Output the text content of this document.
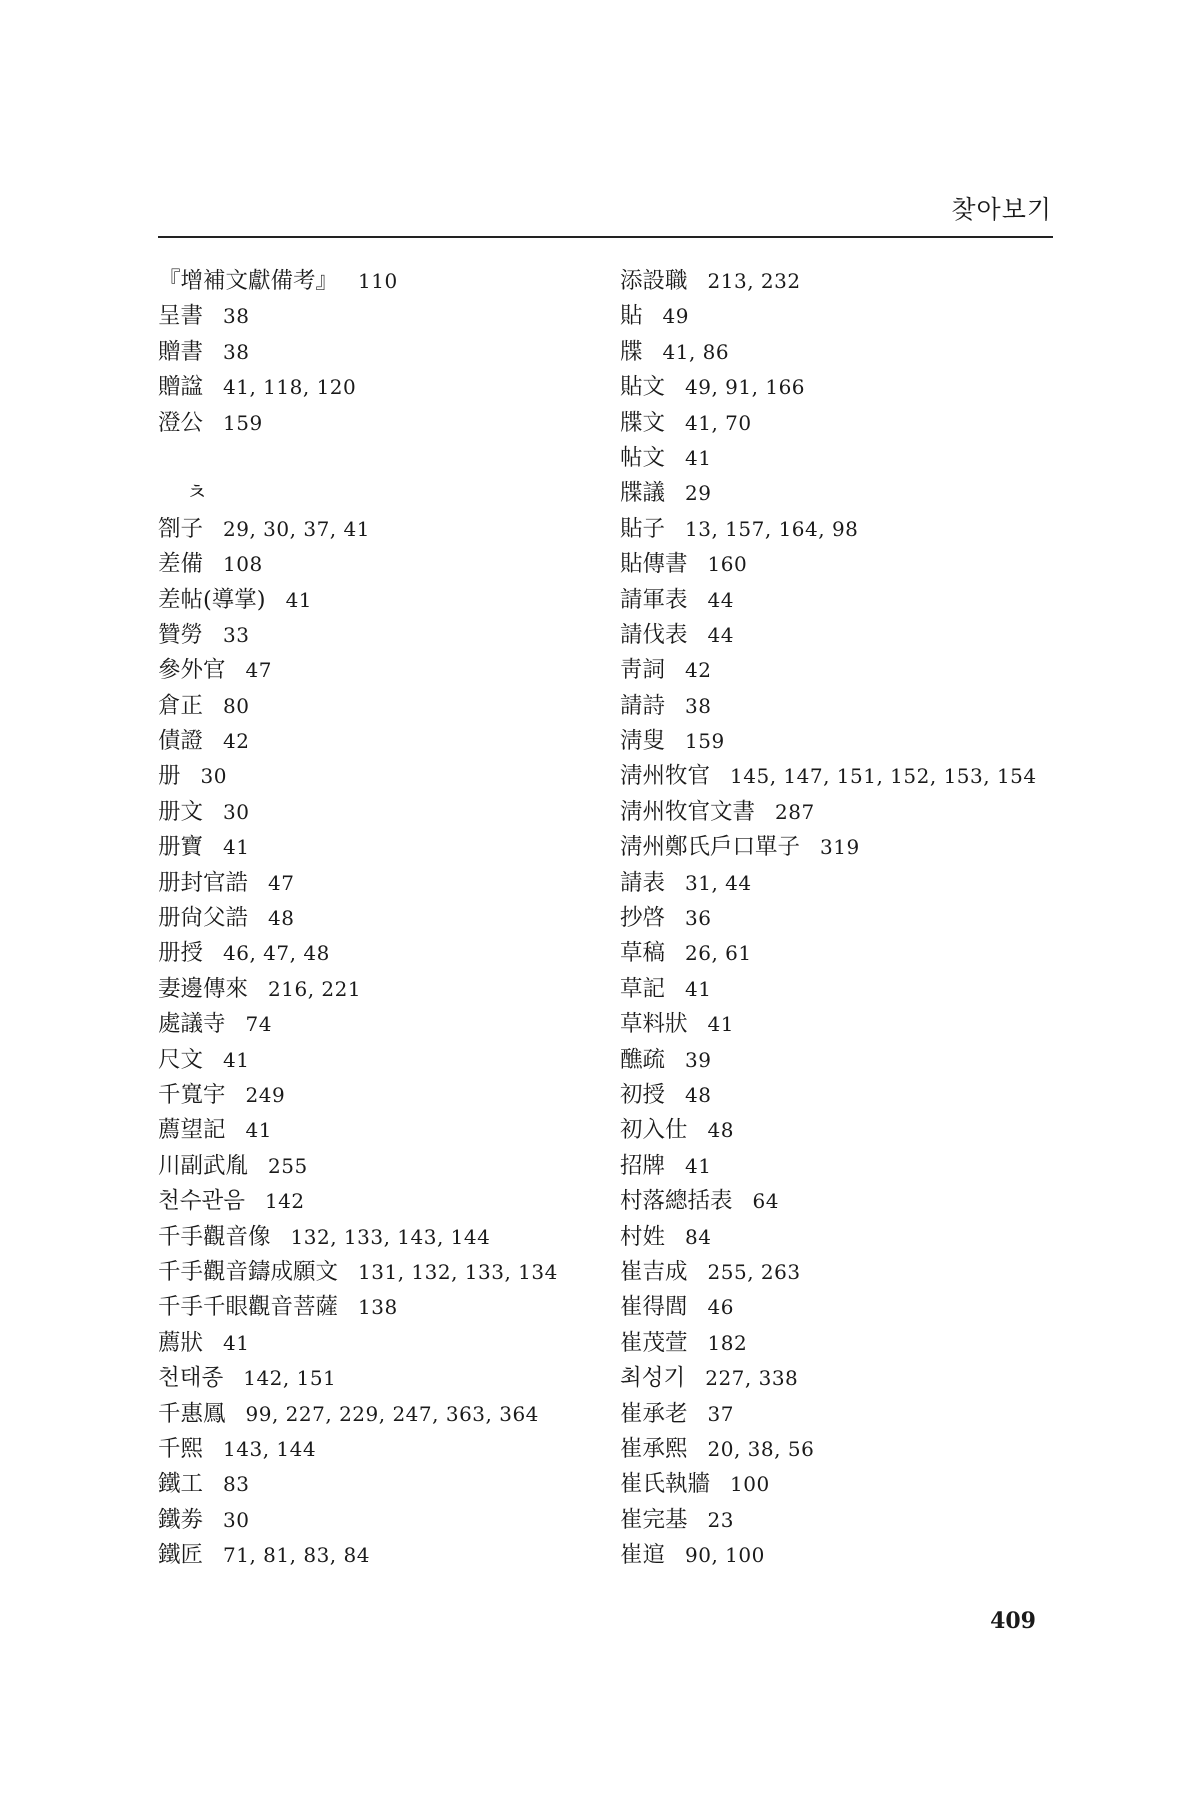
찾아보기
『增補文獻備考』 110
呈書 38
贈書 38
贈諡 41, 118, 120
澄公 159
ㅊ
劄子 29, 30, 37, 41
差備 108
差帖(導掌) 41
贊勞 33
參外官 47
倉正 80
債證 42
册 30
册文 30
册寶 41
册封官誥 47
册尙父誥 48
册授 46, 47, 48
妻邊傳來 216, 221
處議寺 74
尺文 41
千寬宇 249
薦望記 41
川副武胤 255
천수관음 142
千手觀音像 132, 133, 143, 144
千手觀音鑄成願文 131, 132, 133, 134
千手千眼觀音菩薩 138
薦狀 41
천태종 142, 151
千惠鳳 99, 227, 229, 247, 363, 364
千熙 143, 144
鐵工 83
鐵劵 30
鐵匠 71, 81, 83, 84
添設職 213, 232
貼 49
牒 41, 86
貼文 49, 91, 166
牒文 41, 70
帖文 41
牒議 29
貼子 13, 157, 164, 98
貼傳書 160
請軍表 44
請伐表 44
靑詞 42
請詩 38
淸叟 159
淸州牧官 145, 147, 151, 152, 153, 154
淸州牧官文書 287
淸州鄭氏戶口單子 319
請表 31, 44
抄啓 36
草稿 26, 61
草記 41
草料狀 41
醮疏 39
初授 48
初入仕 48
招牌 41
村落總括表 64
村姓 84
崔吉成 255, 263
崔得閭 46
崔茂萱 182
최성기 227, 338
崔承老 37
崔承熙 20, 38, 56
崔氏執牆 100
崔完基 23
崔逭 90, 100
409
